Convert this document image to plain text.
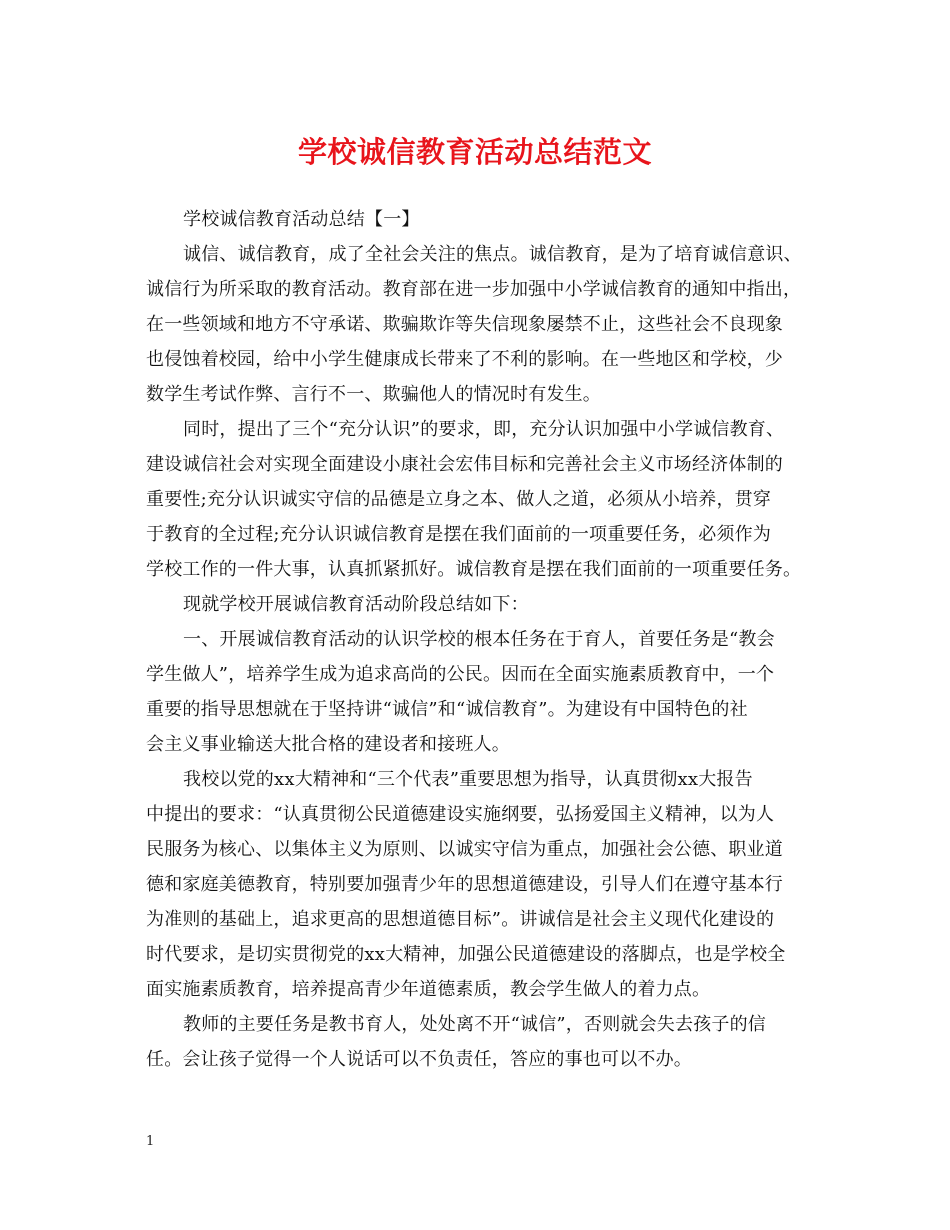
学校诚信教育活动总结范文
学校诚信教育活动总结【一】
诚信、诚信教育，成了全社会关注的焦点。诚信教育，是为了培育诚信意识、
诚信行为所采取的教育活动。教育部在进一步加强中小学诚信教育的通知中指出，
在一些领域和地方不守承诺、欺骗欺诈等失信现象屡禁不止，这些社会不良现象
也侵蚀着校园，给中小学生健康成长带来了不利的影响。在一些地区和学校，少
数学生考试作弊、言行不一、欺骗他人的情况时有发生。
同时，提出了三个“充分认识”的要求，即，充分认识加强中小学诚信教育、
建设诚信社会对实现全面建设小康社会宏伟目标和完善社会主义市场经济体制的
重要性;充分认识诚实守信的品德是立身之本、做人之道，必须从小培养，贯穿
于教育的全过程;充分认识诚信教育是摆在我们面前的一项重要任务，必须作为
学校工作的一件大事，认真抓紧抓好。诚信教育是摆在我们面前的一项重要任务。
现就学校开展诚信教育活动阶段总结如下：
一、开展诚信教育活动的认识学校的根本任务在于育人，首要任务是“教会
学生做人”，培养学生成为追求高尚的公民。因而在全面实施素质教育中，一个
重要的指导思想就在于坚持讲“诚信”和“诚信教育”。为建设有中国特色的社
会主义事业输送大批合格的建设者和接班人。
我校以党的xx大精神和“三个代表”重要思想为指导，认真贯彻xx大报告
中提出的要求：“认真贯彻公民道德建设实施纲要，弘扬爱国主义精神，以为人
民服务为核心、以集体主义为原则、以诚实守信为重点，加强社会公德、职业道
德和家庭美德教育，特别要加强青少年的思想道德建设，引导人们在遵守基本行
为准则的基础上，追求更高的思想道德目标”。讲诚信是社会主义现代化建设的
时代要求，是切实贯彻党的xx大精神，加强公民道德建设的落脚点，也是学校全
面实施素质教育，培养提高青少年道德素质，教会学生做人的着力点。
教师的主要任务是教书育人，处处离不开“诚信”，否则就会失去孩子的信
任。会让孩子觉得一个人说话可以不负责任，答应的事也可以不办。
1
